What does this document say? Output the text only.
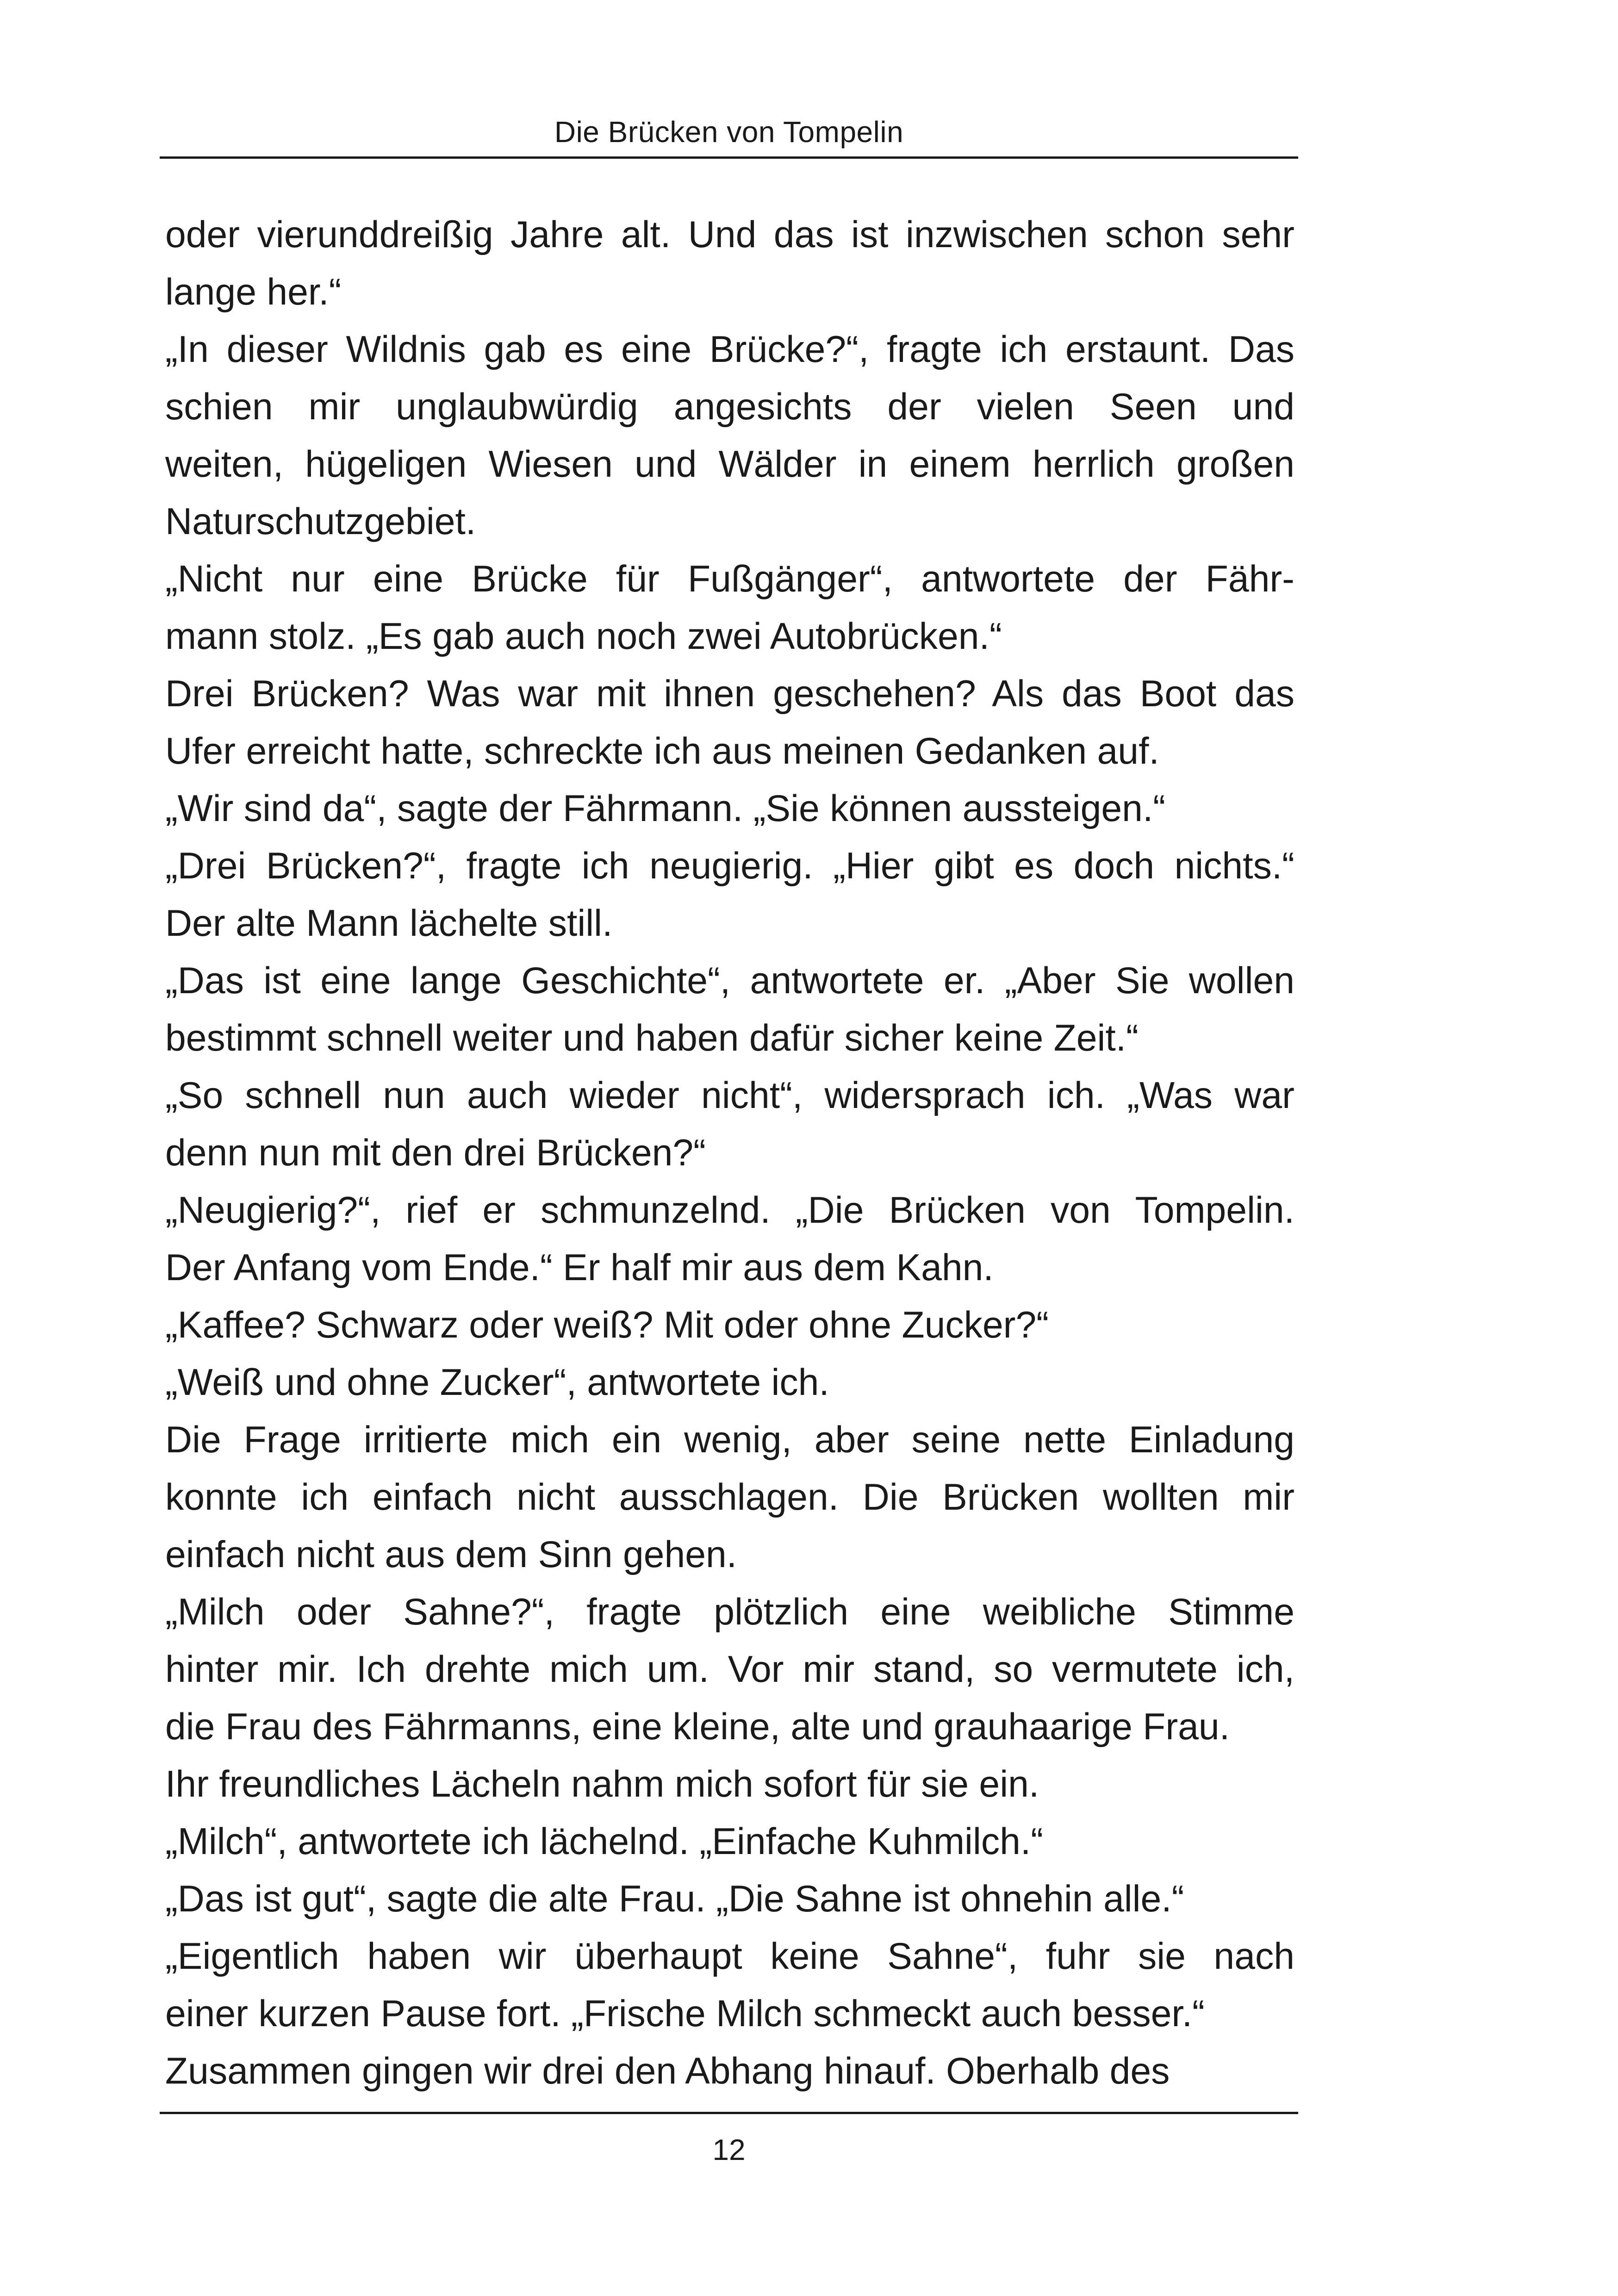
Die Brücken von Tompelin
oder vierunddreißig Jahre alt. Und das ist inzwischen schon sehr
lange her.“
„In dieser Wildnis gab es eine Brücke?“, fragte ich erstaunt. Das
schien mir unglaubwürdig angesichts der vielen Seen und
weiten, hügeligen Wiesen und Wälder in einem herrlich großen
Naturschutzgebiet.
„Nicht nur eine Brücke für Fußgänger“, antwortete der Fähr-
mann stolz. „Es gab auch noch zwei Autobrücken.“
Drei Brücken? Was war mit ihnen geschehen? Als das Boot das
Ufer erreicht hatte, schreckte ich aus meinen Gedanken auf.
„Wir sind da“, sagte der Fährmann. „Sie können aussteigen.“
„Drei Brücken?“, fragte ich neugierig. „Hier gibt es doch nichts.“
Der alte Mann lächelte still.
„Das ist eine lange Geschichte“, antwortete er. „Aber Sie wollen
bestimmt schnell weiter und haben dafür sicher keine Zeit.“
„So schnell nun auch wieder nicht“, widersprach ich. „Was war
denn nun mit den drei Brücken?“
„Neugierig?“, rief er schmunzelnd. „Die Brücken von Tompelin.
Der Anfang vom Ende.“ Er half mir aus dem Kahn.
„Kaffee? Schwarz oder weiß? Mit oder ohne Zucker?“
„Weiß und ohne Zucker“, antwortete ich.
Die Frage irritierte mich ein wenig, aber seine nette Einladung
konnte ich einfach nicht ausschlagen. Die Brücken wollten mir
einfach nicht aus dem Sinn gehen.
„Milch oder Sahne?“, fragte plötzlich eine weibliche Stimme
hinter mir. Ich drehte mich um. Vor mir stand, so vermutete ich,
die Frau des Fährmanns, eine kleine, alte und grauhaarige Frau.
Ihr freundliches Lächeln nahm mich sofort für sie ein.
„Milch“, antwortete ich lächelnd. „Einfache Kuhmilch.“
„Das ist gut“, sagte die alte Frau. „Die Sahne ist ohnehin alle.“
„Eigentlich haben wir überhaupt keine Sahne“, fuhr sie nach
einer kurzen Pause fort. „Frische Milch schmeckt auch besser.“
Zusammen gingen wir drei den Abhang hinauf. Oberhalb des
12
